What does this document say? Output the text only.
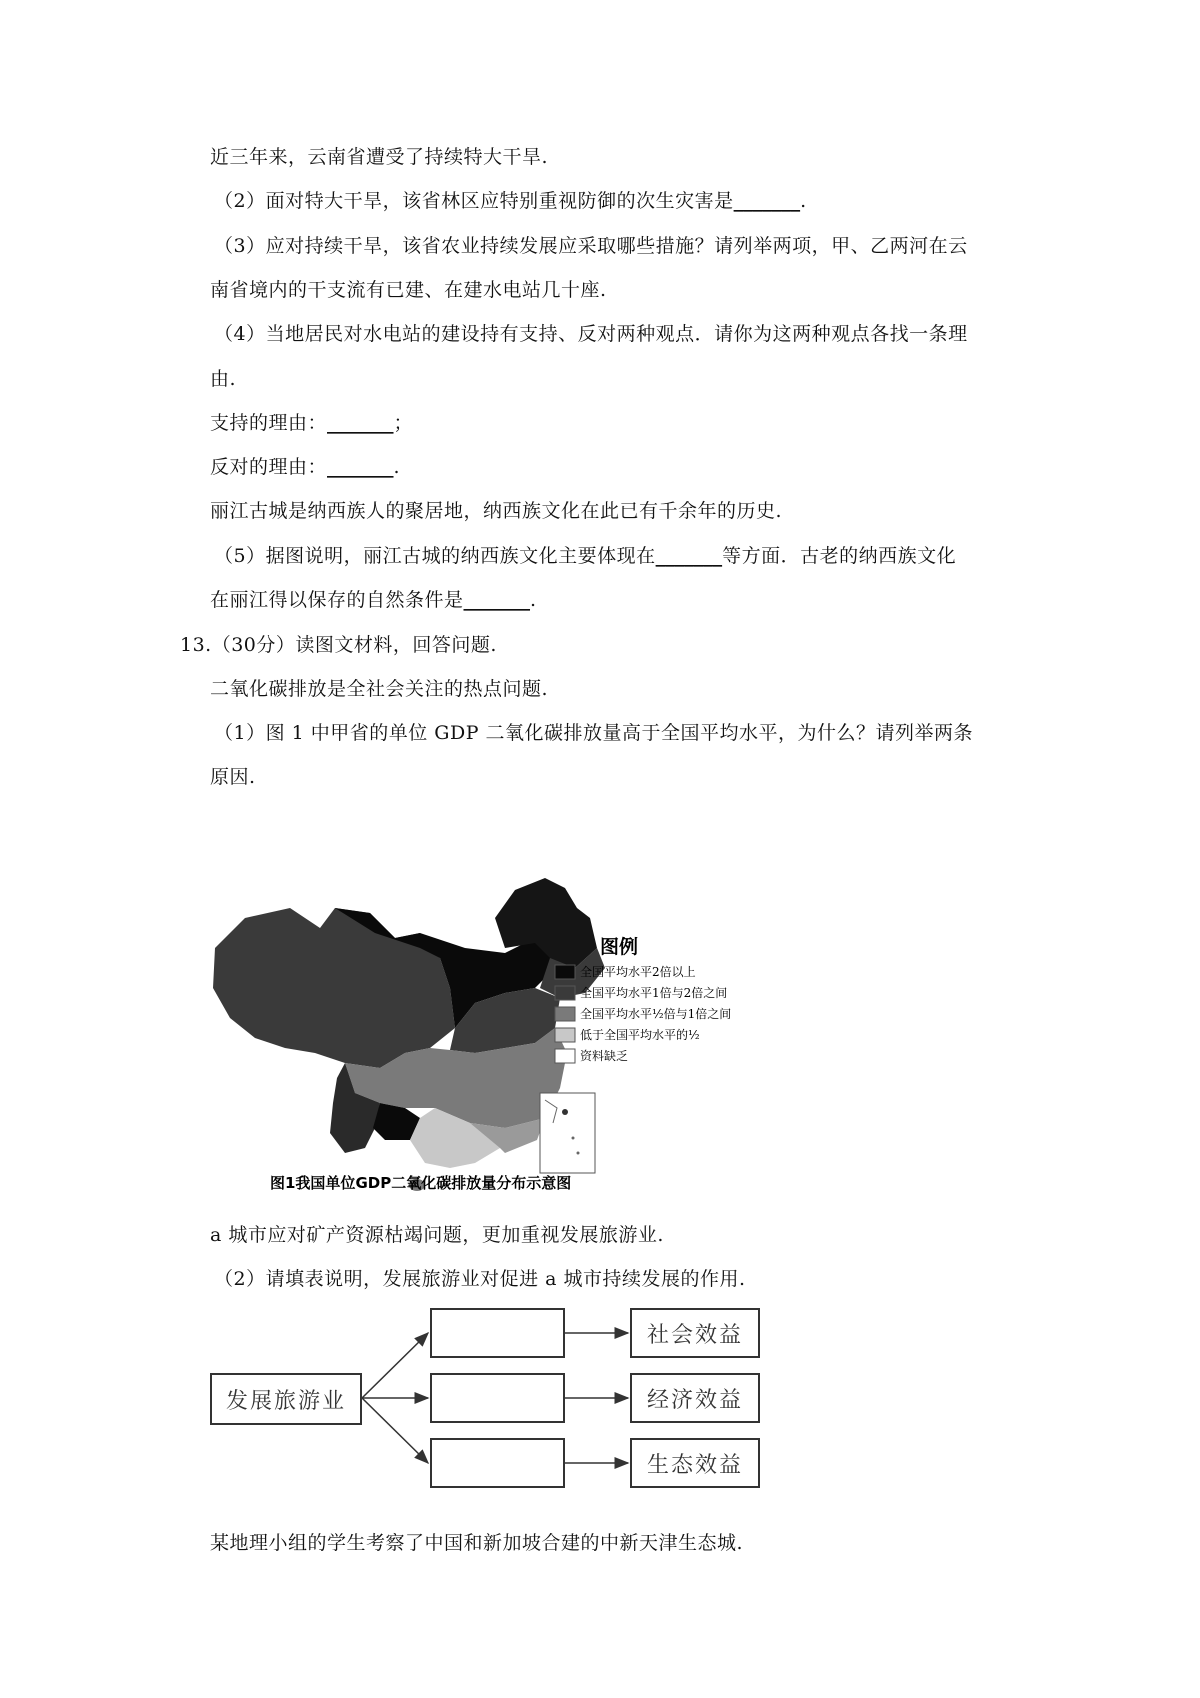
近三年来，云南省遭受了持续特大干旱.
（2）面对特大干旱，该省林区应特别重视防御的次生灾害是_______.
（3）应对持续干旱，该省农业持续发展应采取哪些措施？请列举两项，甲、乙两河在云
南省境内的干支流有已建、在建水电站几十座.
（4）当地居民对水电站的建设持有支持、反对两种观点．请你为这两种观点各找一条理
由.
支持的理由：_______；
反对的理由：_______.
丽江古城是纳西族人的聚居地，纳西族文化在此已有千余年的历史.
（5）据图说明，丽江古城的纳西族文化主要体现在_______等方面．古老的纳西族文化
在丽江得以保存的自然条件是_______.
13.（30分）读图文材料，回答问题.
二氧化碳排放是全社会关注的热点问题.
（1）图 1 中甲省的单位 GDP 二氧化碳排放量高于全国平均水平，为什么？请列举两条
原因.
图例
全国平均水平2倍以上
全国平均水平1倍与2倍之间
全国平均水平½倍与1倍之间
低于全国平均水平的½
资料缺乏
图1我国单位GDP二氧化碳排放量分布示意图
a 城市应对矿产资源枯竭问题，更加重视发展旅游业.
（2）请填表说明，发展旅游业对促进 a 城市持续发展的作用.
发展旅游业
社会效益
经济效益
生态效益
某地理小组的学生考察了中国和新加坡合建的中新天津生态城.
